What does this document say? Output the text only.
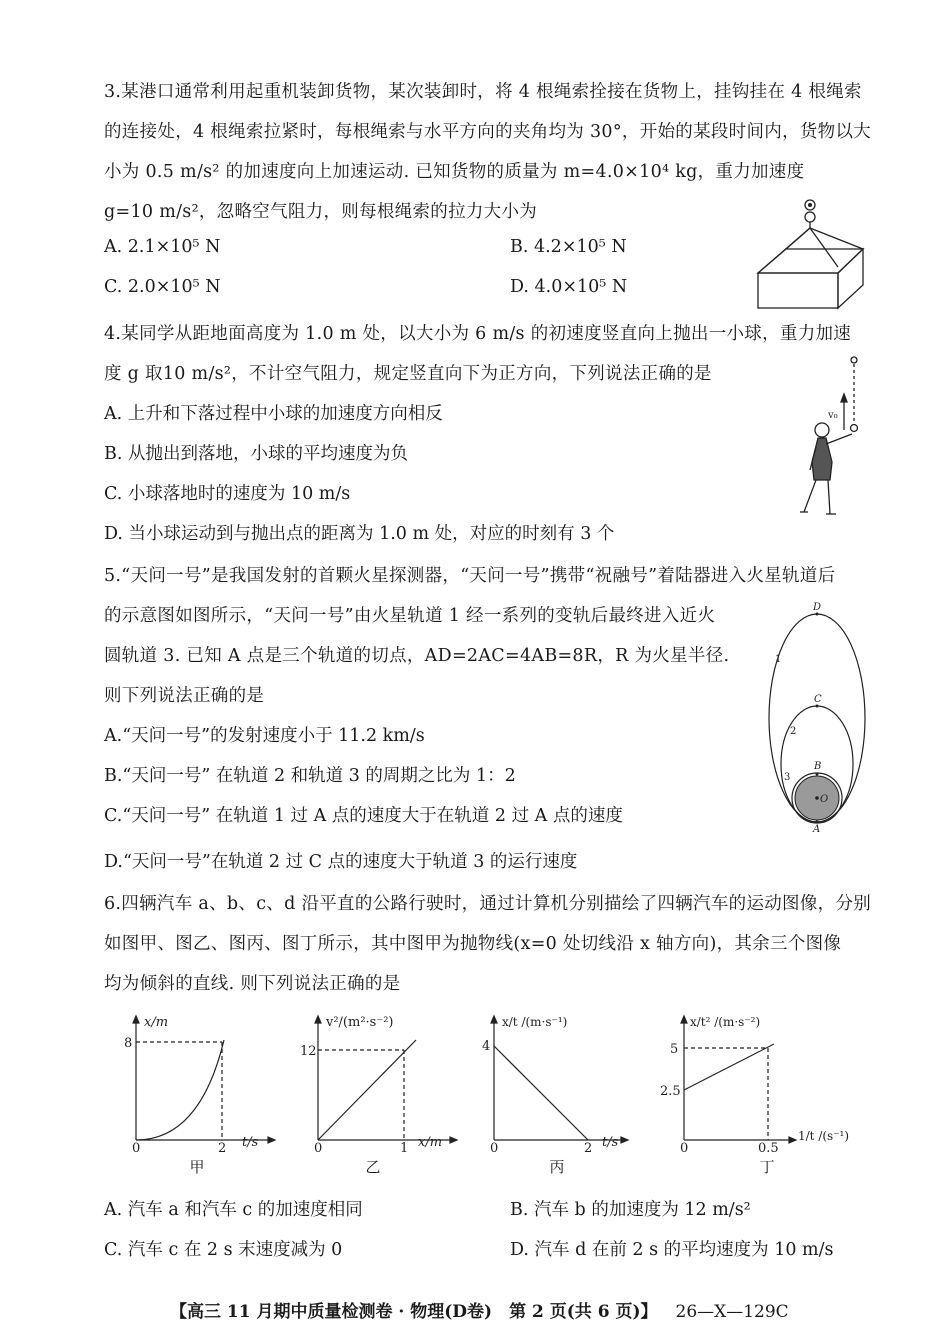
3.某港口通常利用起重机装卸货物，某次装卸时，将 4 根绳索拴接在货物上，挂钩挂在 4 根绳索
的连接处，4 根绳索拉紧时，每根绳索与水平方向的夹角均为 30°，开始的某段时间内，货物以大
小为 0.5 m/s² 的加速度向上加速运动. 已知货物的质量为 m=4.0×10⁴ kg，重力加速度
g=10 m/s²，忽略空气阻力，则每根绳索的拉力大小为
A. 2.1×10⁵ N	B. 4.2×10⁵ N
C. 2.0×10⁵ N	D. 4.0×10⁵ N
4.某同学从距地面高度为 1.0 m 处，以大小为 6 m/s 的初速度竖直向上抛出一小球，重力加速
度 g 取10 m/s²，不计空气阻力，规定竖直向下为正方向，下列说法正确的是
A. 上升和下落过程中小球的加速度方向相反
B. 从抛出到落地，小球的平均速度为负
C. 小球落地时的速度为 10 m/s
D. 当小球运动到与抛出点的距离为 1.0 m 处，对应的时刻有 3 个
v₀
5.“天问一号”是我国发射的首颗火星探测器，“天问一号”携带“祝融号”着陆器进入火星轨道后
的示意图如图所示，“天问一号”由火星轨道 1 经一系列的变轨后最终进入近火
圆轨道 3. 已知 A 点是三个轨道的切点，AD=2AC=4AB=8R，R 为火星半径.
则下列说法正确的是
A.“天问一号”的发射速度小于 11.2 km/s
B.“天问一号” 在轨道 2 和轨道 3 的周期之比为 1：2
C.“天问一号” 在轨道 1 过 A 点的速度大于在轨道 2 过 A 点的速度
D.“天问一号”在轨道 2 过 C 点的速度大于轨道 3 的运行速度
D
C
B
O
A
1
2
3
6.四辆汽车 a、b、c、d 沿平直的公路行驶时，通过计算机分别描绘了四辆汽车的运动图像，分别
如图甲、图乙、图丙、图丁所示，其中图甲为抛物线(x=0 处切线沿 x 轴方向)，其余三个图像
均为倾斜的直线. 则下列说法正确的是
x/m
8
0	2 t/s
甲
v²/(m²·s⁻²)
12
0	1 x/m
乙
x/t /(m·s⁻¹)
4
0	2 t/s
丙
x/t² /(m·s⁻²)
5
2.5
0	0.5
1/t /(s⁻¹)
丁
A. 汽车 a 和汽车 c 的加速度相同	B. 汽车 b 的加速度为 12 m/s²
C. 汽车 c 在 2 s 末速度减为 0	D. 汽车 d 在前 2 s 的平均速度为 10 m/s
【高三 11 月期中质量检测卷 · 物理(D卷)　第 2 页(共 6 页)】 26—X—129C
